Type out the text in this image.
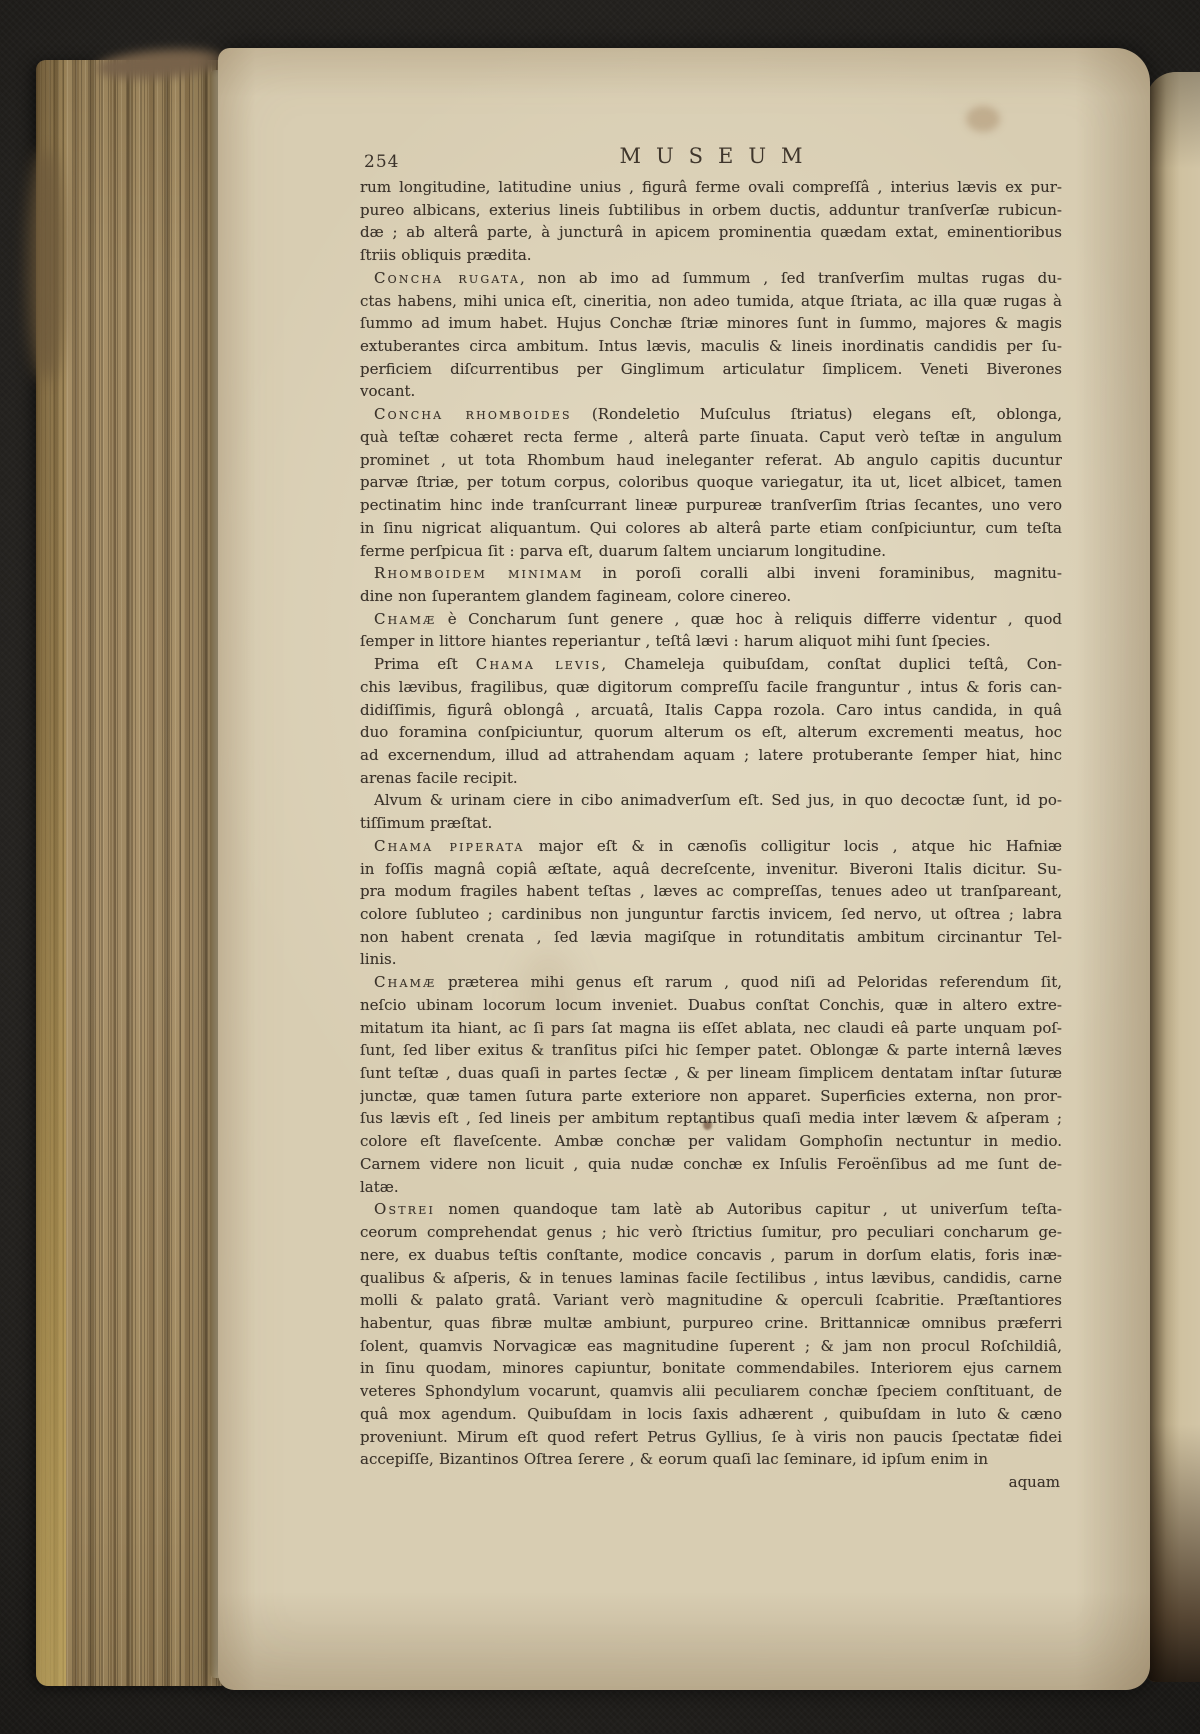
254	MUSEUM
rum longitudine, latitudine unius , figurâ ferme ovali compreſſâ , interius lævis ex pur-
pureo albicans, exterius lineis ſubtilibus in orbem ductis, adduntur tranſverſæ rubicun-
dæ ; ab alterâ parte, à juncturâ in apicem prominentia quædam extat, eminentioribus
ſtriis obliquis prædita.
Concha rugata, non ab imo ad ſummum , ſed tranſverſim multas rugas du-
ctas habens, mihi unica eſt, cineritia, non adeo tumida, atque ſtriata, ac illa quæ rugas à
ſummo ad imum habet. Hujus Conchæ ſtriæ minores ſunt in ſummo, majores & magis
extuberantes circa ambitum. Intus lævis, maculis & lineis inordinatis candidis per ſu-
perficiem diſcurrentibus per Ginglimum articulatur ſimplicem. Veneti Biverones
vocant.
Concha rhomboides (Rondeletio Muſculus ſtriatus) elegans eſt, oblonga,
quà teſtæ cohæret recta ferme , alterâ parte ſinuata. Caput verò teſtæ in angulum
prominet , ut tota Rhombum haud ineleganter referat. Ab angulo capitis ducuntur
parvæ ſtriæ, per totum corpus, coloribus quoque variegatur, ita ut, licet albicet, tamen
pectinatim hinc inde tranſcurrant lineæ purpureæ tranſverſim ſtrias ſecantes, uno vero
in ſinu nigricat aliquantum. Qui colores ab alterâ parte etiam conſpiciuntur, cum teſta
ferme perſpicua ſit : parva eſt, duarum ſaltem unciarum longitudine.
Rhomboidem minimam in poroſi coralli albi inveni foraminibus, magnitu-
dine non ſuperantem glandem fagineam, colore cinereo.
Chamæ è Concharum ſunt genere , quæ hoc à reliquis differre videntur , quod
ſemper in littore hiantes reperiantur , teſtâ lævi : harum aliquot mihi ſunt ſpecies.
Prima eſt Chama levis, Chameleja quibuſdam, conſtat duplici teſtâ, Con-
chis lævibus, fragilibus, quæ digitorum compreſſu facile franguntur , intus & foris can-
didiſſimis, figurâ oblongâ , arcuatâ, Italis Cappa rozola. Caro intus candida, in quâ
duo foramina conſpiciuntur, quorum alterum os eſt, alterum excrementi meatus, hoc
ad excernendum, illud ad attrahendam aquam ; latere protuberante ſemper hiat, hinc
arenas facile recipit.
Alvum & urinam ciere in cibo animadverſum eſt. Sed jus, in quo decoctæ ſunt, id po-
tiſſimum præſtat.
Chama piperata major eſt & in cænoſis colligitur locis , atque hic Hafniæ
in foſſis magnâ copiâ æſtate, aquâ decreſcente, invenitur. Biveroni Italis dicitur. Su-
pra modum fragiles habent teſtas , læves ac compreſſas, tenues adeo ut tranſpareant,
colore ſubluteo ; cardinibus non junguntur farctis invicem, ſed nervo, ut oſtrea ; labra
non habent crenata , ſed lævia magiſque in rotunditatis ambitum circinantur Tel-
linis.
Chamæ præterea mihi genus eſt rarum , quod niſi ad Peloridas referendum ſit,
neſcio ubinam locorum locum inveniet. Duabus conſtat Conchis, quæ in altero extre-
mitatum ita hiant, ac ſi pars ſat magna iis eſſet ablata, nec claudi eâ parte unquam poſ-
ſunt, ſed liber exitus & tranſitus piſci hic ſemper patet. Oblongæ & parte internâ læves
ſunt teſtæ , duas quaſi in partes ſectæ , & per lineam ſimplicem dentatam inſtar ſuturæ
junctæ, quæ tamen ſutura parte exteriore non apparet. Superficies externa, non pror-
ſus lævis eſt , ſed lineis per ambitum reptantibus quaſi media inter lævem & aſperam ;
colore eſt flaveſcente. Ambæ conchæ per validam Gomphoſin nectuntur in medio.
Carnem videre non licuit , quia nudæ conchæ ex Inſulis Feroënſibus ad me ſunt de-
latæ.
Ostrei nomen quandoque tam latè ab Autoribus capitur , ut univerſum teſta-
ceorum comprehendat genus ; hic verò ſtrictius ſumitur, pro peculiari concharum ge-
nere, ex duabus teſtis conſtante, modice concavis , parum in dorſum elatis, foris inæ-
qualibus & aſperis, & in tenues laminas facile ſectilibus , intus lævibus, candidis, carne
molli & palato gratâ. Variant verò magnitudine & operculi ſcabritie. Præſtantiores
habentur, quas fibræ multæ ambiunt, purpureo crine. Brittannicæ omnibus præferri
ſolent, quamvis Norvagicæ eas magnitudine ſuperent ; & jam non procul Roſchildiâ,
in ſinu quodam, minores capiuntur, bonitate commendabiles. Interiorem ejus carnem
veteres Sphondylum vocarunt, quamvis alii peculiarem conchæ ſpeciem conſtituant, de
quâ mox agendum. Quibuſdam in locis ſaxis adhærent , quibuſdam in luto & cæno
proveniunt. Mirum eſt quod refert Petrus Gyllius, ſe à viris non paucis ſpectatæ fidei
accepiſſe, Bizantinos Oſtrea ſerere , & eorum quaſi lac ſeminare, id ipſum enim in
aquam
